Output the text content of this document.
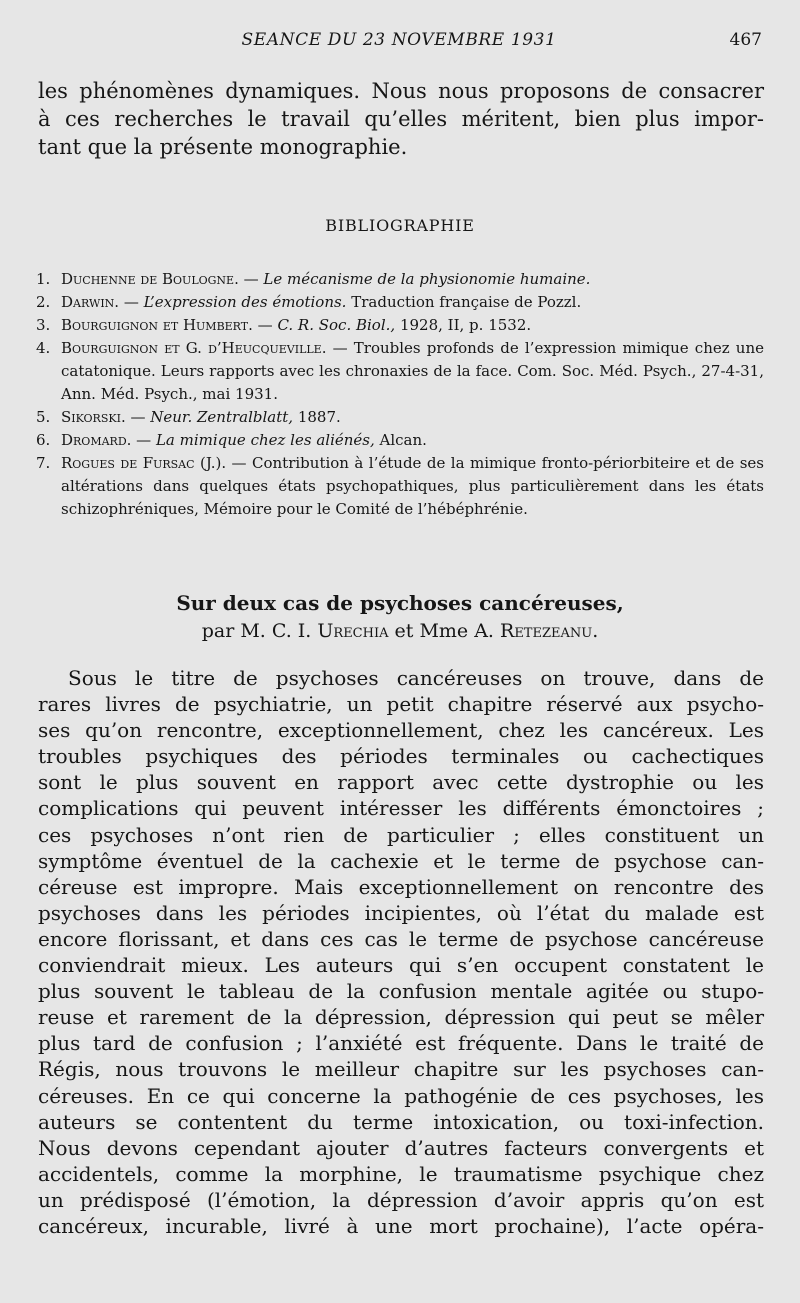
SEANCE DU 23 NOVEMBRE 1931	467
les phénomènes dynamiques. Nous nous proposons de consacrer
à ces recherches le travail qu’elles méritent, bien plus impor-
tant que la présente monographie.
BIBLIOGRAPHIE
1. Duchenne de Boulogne. — Le mécanisme de la physionomie humaine.
2. Darwin. — L’expression des émotions. Traduction française de Pozzl.
3. Bourguignon et Humbert. — C. R. Soc. Biol., 1928, II, p. 1532.
4. Bourguignon et G. d’Heucqueville. — Troubles profonds de l’expression mimique chez une catatonique. Leurs rapports avec les chronaxies de la face. Com. Soc. Méd. Psych., 27-4-31, Ann. Méd. Psych., mai 1931.
5. Sikorski. — Neur. Zentralblatt, 1887.
6. Dromard. — La mimique chez les aliénés, Alcan.
7. Rogues de Fursac (J.). — Contribution à l’étude de la mimique fronto-périorbiteire et de ses altérations dans quelques états psychopathiques, plus particulièrement dans les états schizophréniques, Mémoire pour le Comité de l’hébéphrénie.
Sur deux cas de psychoses cancéreuses,
par M. C. I. Urechia et Mme A. Retezeanu.
Sous le titre de psychoses cancéreuses on trouve, dans de
rares livres de psychiatrie, un petit chapitre réservé aux psycho-
ses qu’on rencontre, exceptionnellement, chez les cancéreux. Les
troubles psychiques des périodes terminales ou cachectiques
sont le plus souvent en rapport avec cette dystrophie ou les
complications qui peuvent intéresser les différents émonctoires ;
ces psychoses n’ont rien de particulier ; elles constituent un
symptôme éventuel de la cachexie et le terme de psychose can-
céreuse est impropre. Mais exceptionnellement on rencontre des
psychoses dans les périodes incipientes, où l’état du malade est
encore florissant, et dans ces cas le terme de psychose cancéreuse
conviendrait mieux. Les auteurs qui s’en occupent constatent le
plus souvent le tableau de la confusion mentale agitée ou stupo-
reuse et rarement de la dépression, dépression qui peut se mêler
plus tard de confusion ; l’anxiété est fréquente. Dans le traité de
Régis, nous trouvons le meilleur chapitre sur les psychoses can-
céreuses. En ce qui concerne la pathogénie de ces psychoses, les
auteurs se contentent du terme intoxication, ou toxi-infection.
Nous devons cependant ajouter d’autres facteurs convergents et
accidentels, comme la morphine, le traumatisme psychique chez
un prédisposé (l’émotion, la dépression d’avoir appris qu’on est
cancéreux, incurable, livré à une mort prochaine), l’acte opéra-
